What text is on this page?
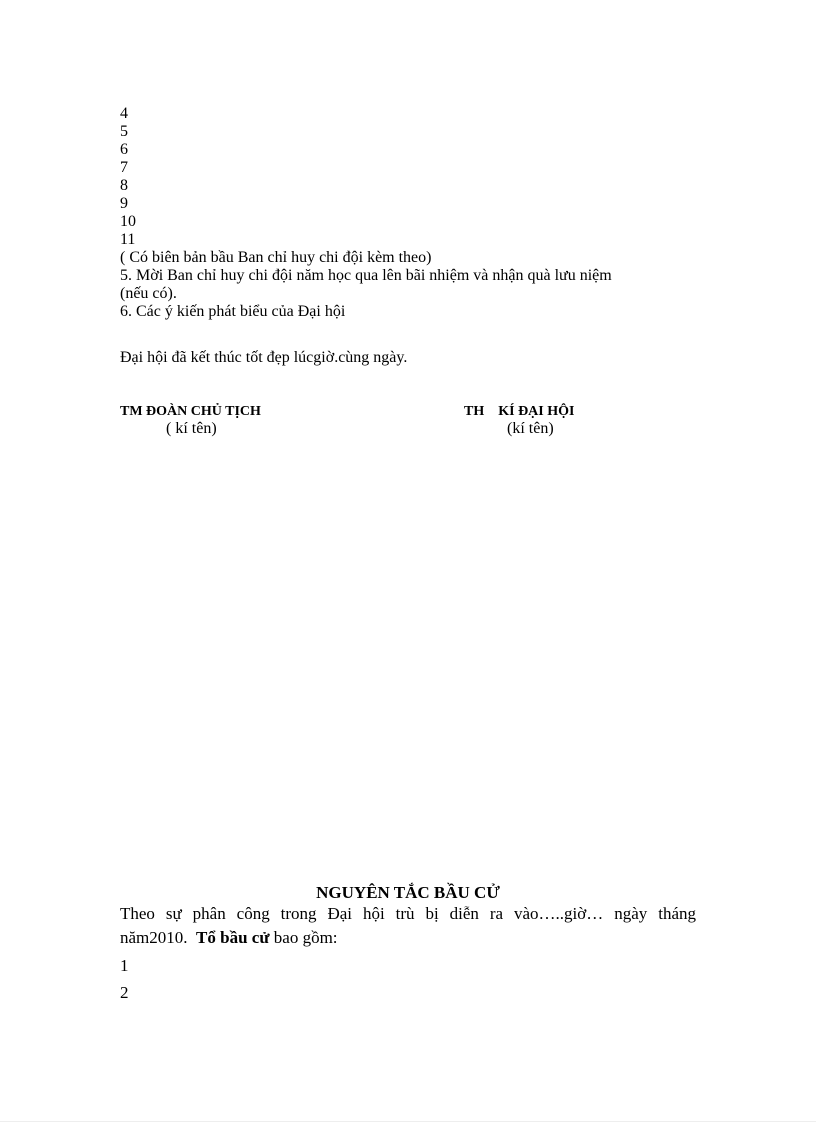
4
5
6
7
8
9
10
11
( Có biên bản bầu Ban chỉ huy chi đội kèm theo)
5. Mời Ban chỉ huy chi đội năm học qua lên bãi nhiệm và nhận quà lưu niệm
(nếu có).
6. Các ý kiến phát biểu của Đại hội
Đại hội đã kết thúc tốt đẹp lúcgiờ.cùng ngày.
TM ĐOÀN CHỦ TỊCH
( kí tên)
TH    KÍ ĐẠI HỘI
(kí tên)
NGUYÊN TẮC BẦU CỬ
Theo sự phân công trong Đại hội trù bị diễn ra vào…..giờ… ngày tháng
năm2010.  Tổ bầu cử bao gồm:
1
2
